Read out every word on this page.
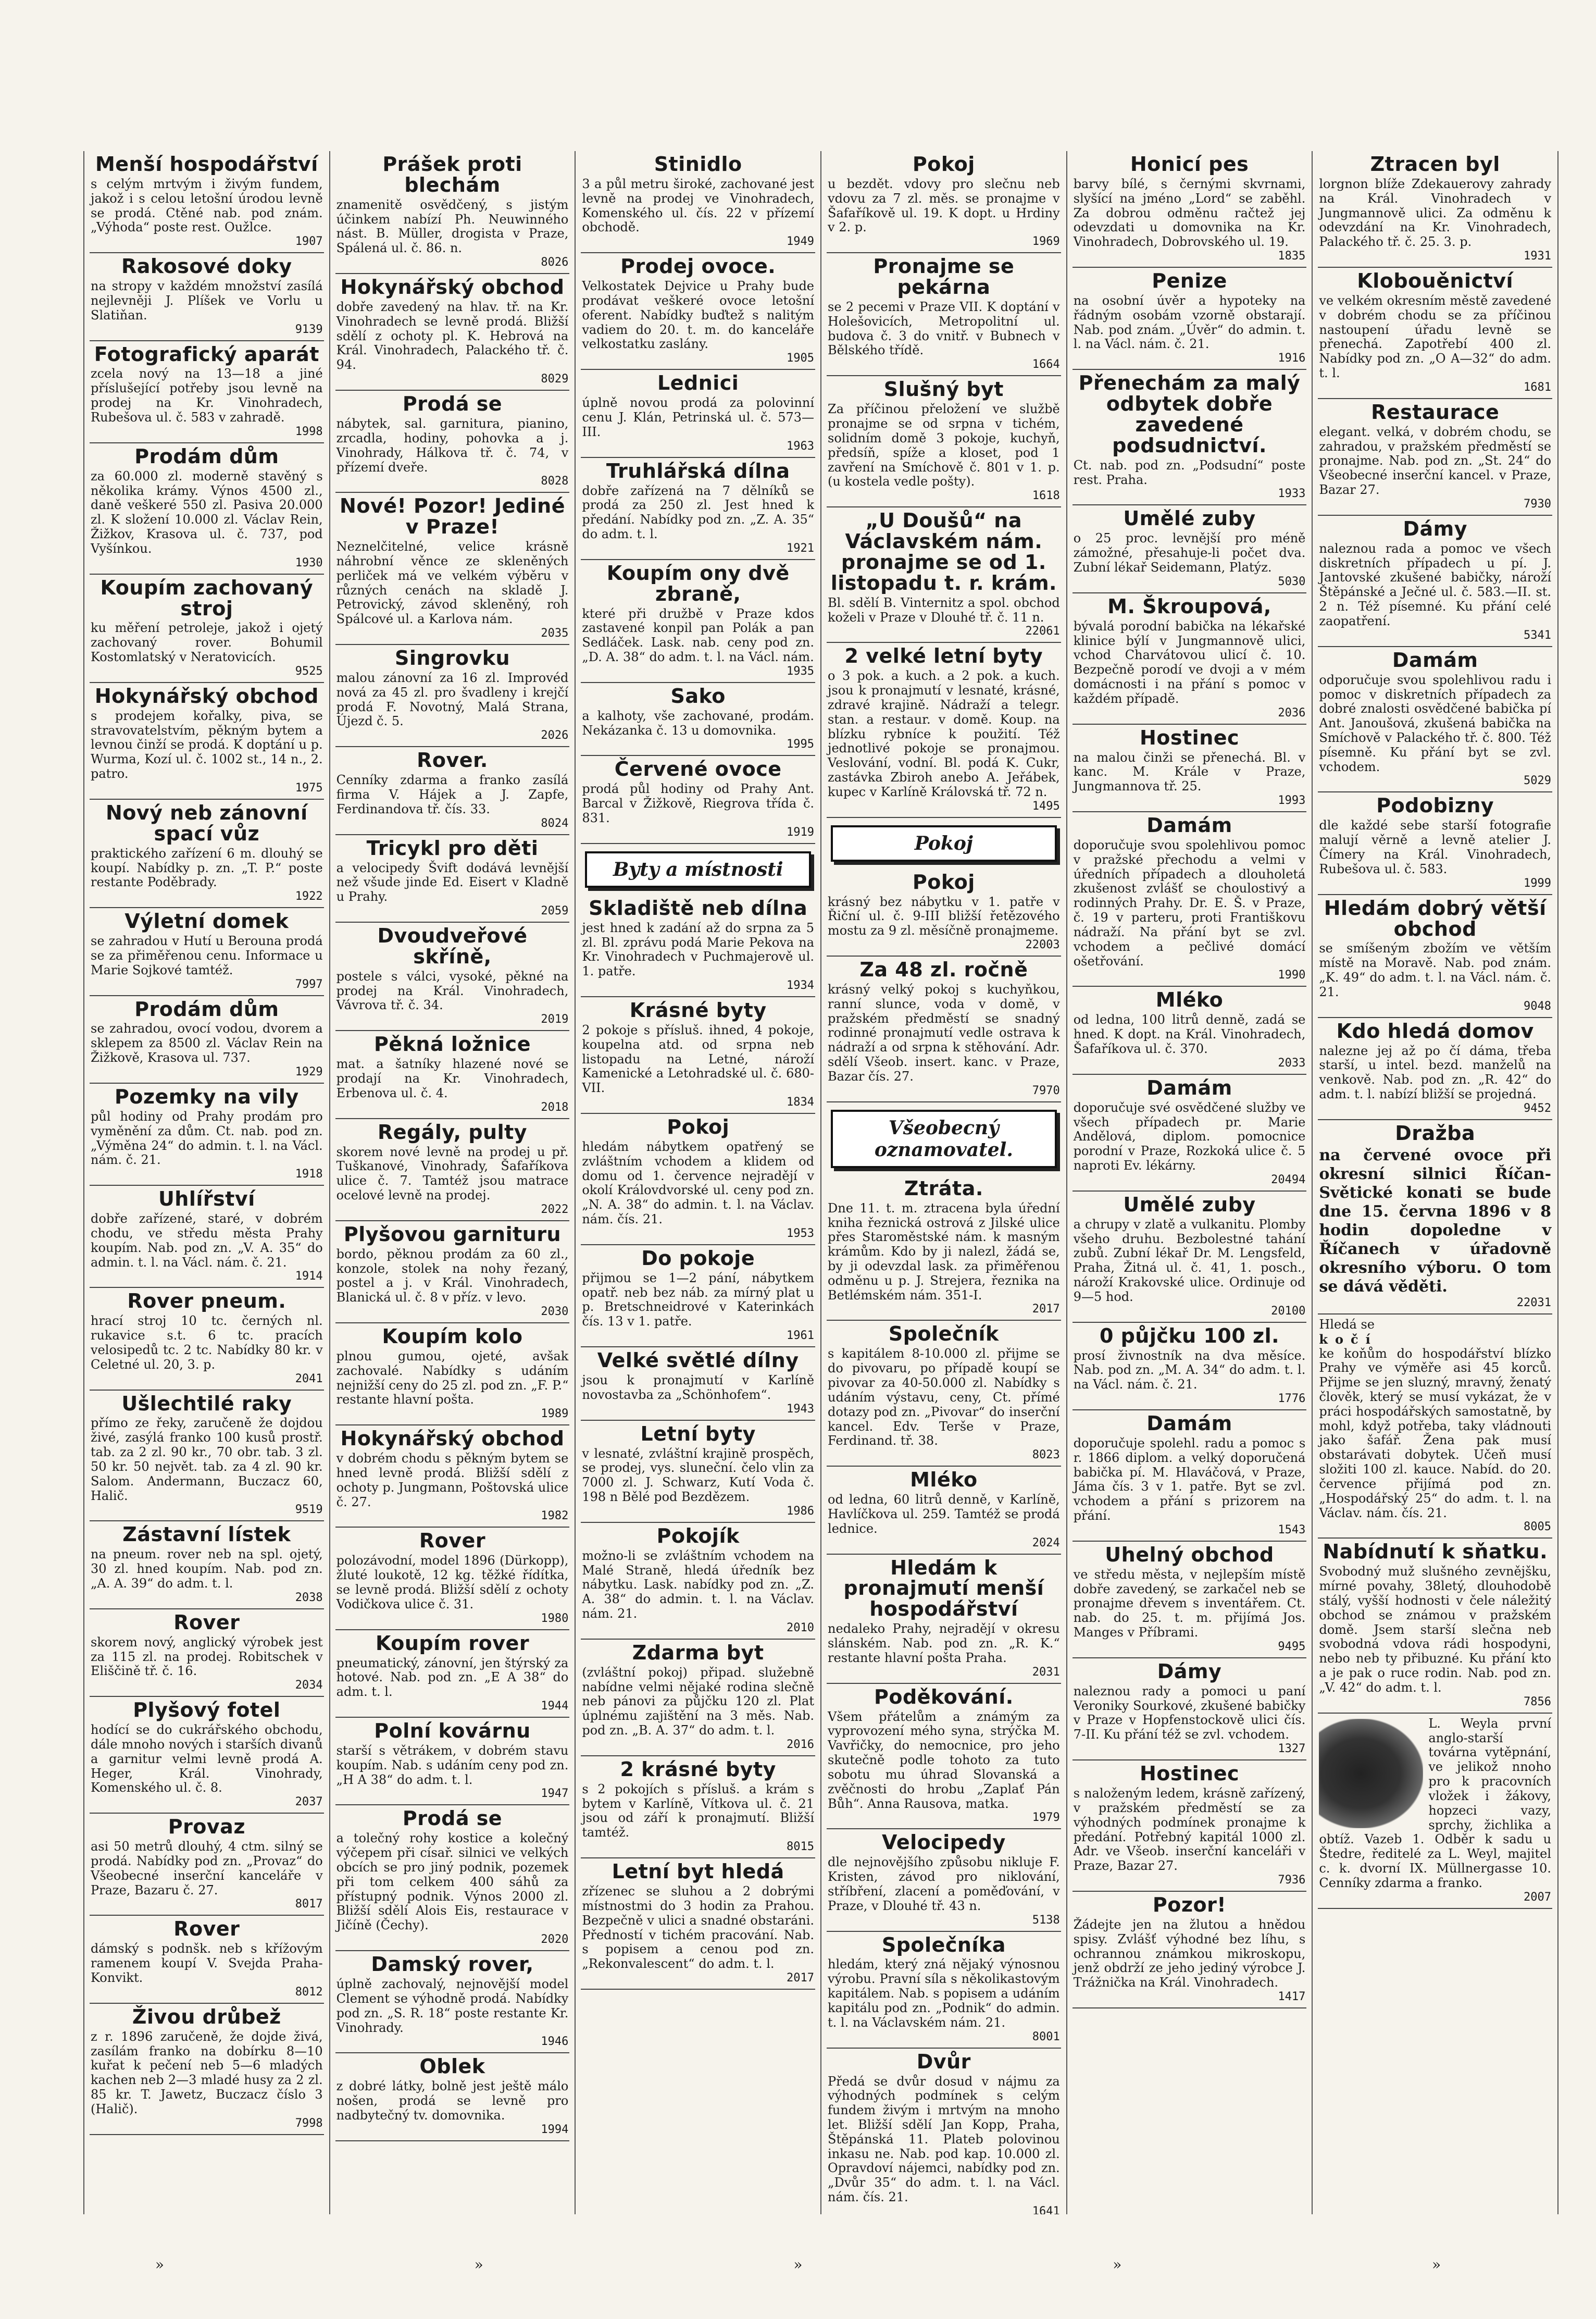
Menší hospodářství

s celým mrtvým i živým fundem, jakož i s celou letošní úrodou levně se prodá. Ctěné nab. pod znám. „Výhoda“ poste rest. Oužlce.

1907
Rakosové doky

na stropy v každém množství zasílá nejlevněji J. Plíšek ve Vorlu u Slatiňan.

9139
Fotografický aparát

zcela nový na 13—18 a jiné příslušející potřeby jsou levně na prodej na Kr. Vinohradech, Rubešova ul. č. 583 v zahradě.

1998
Prodám dům

za 60.000 zl. moderně stavěný s několika krámy. Výnos 4500 zl., daně veškeré 550 zl. Pasiva 20.000 zl. K složení 10.000 zl. Václav Rein, Žižkov, Krasova ul. č. 737, pod Vyšínkou.

1930
Koupím zachovaný stroj

ku měření petroleje, jakož i ojetý zachovaný rover. Bohumil Kostomlatský v Neratovicích.

9525
Hokynářský obchod

s prodejem kořalky, piva, se stravovatelstvím, pěkným bytem a levnou činží se prodá. K doptání u p. Wurma, Kozí ul. č. 1002 st., 14 n., 2. patro.

1975
Nový neb zánovní spací vůz

praktického zařízení 6 m. dlouhý se koupí. Nabídky p. zn. „T. P.“ poste restante Poděbrady.

1922
Výletní domek

se zahradou v Hutí u Berouna prodá se za přiměřenou cenu. Informace u Marie Sojkové tamtéž.

7997
Prodám dům

se zahradou, ovocí vodou, dvorem a sklepem za 8500 zl. Václav Rein na Žižkově, Krasova ul. 737.

1929
Pozemky na vily

půl hodiny od Prahy prodám pro vyměnění za dům. Ct. nab. pod zn. „Výměna 24“ do admin. t. l. na Václ. nám. č. 21.

1918
Uhlířství

dobře zařízené, staré, v dobrém chodu, ve středu města Prahy koupím. Nab. pod zn. „V. A. 35“ do admin. t. l. na Václ. nám. č. 21.

1914
Rover pneum.

hrací stroj 10 tc. černých nl. rukavice s.t. 6 tc. pracích velosipedů tc. 2 tc. Nabídky 80 kr. v Celetné ul. 20, 3. p.

2041
Ušlechtilé raky

přímo ze řeky, zaručeně že dojdou živé, zasýlá franko 100 kusů prostř. tab. za 2 zl. 90 kr., 70 obr. tab. 3 zl. 50 kr. 50 největ. tab. za 4 zl. 90 kr. Salom. Andermann, Buczacz 60, Halič.

9519
Zástavní lístek

na pneum. rover neb na spl. ojetý, 30 zl. hned koupím. Nab. pod zn. „A. A. 39“ do adm. t. l.

2038
Rover

skorem nový, anglický výrobek jest za 115 zl. na prodej. Robitschek v Eliščině tř. č. 16.

2034
Plyšový fotel

hodící se do cukrářského obchodu, dále mnoho nových i starších divanů a garnitur velmi levně prodá A. Heger, Král. Vinohrady, Komenského ul. č. 8.

2037
Provaz

asi 50 metrů dlouhý, 4 ctm. silný se prodá. Nabídky pod zn. „Provaz“ do Všeobecné inserční kanceláře v Praze, Bazaru č. 27.

8017
Rover

dámský s podnšk. neb s křížovým ramenem koupí V. Svejda Praha-Konvikt.

8012
Živou drůbež

z r. 1896 zaručeně, že dojde živá, zasílám franko na dobírku 8—10 kuřat k pečení neb 5—6 mladých kachen neb 2—3 mladé husy za 2 zl. 85 kr. T. Jawetz, Buczacz číslo 3 (Halič).

7998
Prášek proti blechám

znamenitě osvědčený, s jistým účinkem nabízí Ph. Neuwinného nást. B. Müller, drogista v Praze, Spálená ul. č. 86. n.

8026
Hokynářský obchod

dobře zavedený na hlav. tř. na Kr. Vinohradech se levně prodá. Bližší sdělí z ochoty pl. K. Hebrová na Král. Vinohradech, Palackého tř. č. 94.

8029
Prodá se

nábytek, sal. garnitura, pianino, zrcadla, hodiny, pohovka a j. Vinohrady, Hálkova tř. č. 74, v přízemí dveře.

8028
Nové! Pozor! Jediné v Praze!

Neznelčitelné, velice krásně náhrobní věnce ze skleněných perliček má ve velkém výběru v různých cenách na skladě J. Petrovický, závod skleněný, roh Spálcové ul. a Karlova nám.

2035
Singrovku

malou zánovní za 16 zl. Improvéd nová za 45 zl. pro švadleny i krejčí prodá F. Novotný, Malá Strana, Újezd č. 5.

2026
Rover.

Cenníky zdarma a franko zasílá firma V. Hájek a J. Zapfe, Ferdinandova tř. čís. 33.

8024
Tricykl pro děti

a velocipedy Švift dodává levnější než všude jinde Ed. Eisert v Kladně u Prahy.

2059
Dvoudveřové skříně,

postele s válci, vysoké, pěkné na prodej na Král. Vinohradech, Vávrova tř. č. 34.

2019
Pěkná ložnice

mat. a šatníky hlazené nové se prodají na Kr. Vinohradech, Erbenova ul. č. 4.

2018
Regály, pulty

skorem nové levně na prodej u př. Tuškanové, Vinohrady, Šafaříkova ulice č. 7. Tamtéž jsou matrace ocelové levně na prodej.

2022
Plyšovou garnituru

bordo, pěknou prodám za 60 zl., konzole, stolek na nohy řezaný, postel a j. v Král. Vinohradech, Blanická ul. č. 8 v příz. v levo.

2030
Koupím kolo

plnou gumou, ojeté, avšak zachovalé. Nabídky s udáním nejnižší ceny do 25 zl. pod zn. „F. P.“ restante hlavní pošta.

1989
Hokynářský obchod

v dobrém chodu s pěkným bytem se hned levně prodá. Bližší sdělí z ochoty p. Jungmann, Poštovská ulice č. 27.

1982
Rover

polozávodní, model 1896 (Dürkopp), žluté loukotě, 12 kg. těžké řídítka, se levně prodá. Bližší sdělí z ochoty Vodičkova ulice č. 31.

1980
Koupím rover

pneumatický, zánovní, jen štýrský za hotové. Nab. pod zn. „E A 38“ do adm. t. l.

1944
Polní kovárnu

starší s větrákem, v dobrém stavu koupím. Nab. s udáním ceny pod zn. „H A 38“ do adm. t. l.

1947
Prodá se

a tolečný rohy kostice a kolečný výčepem při císař. silnici ve velkých obcích se pro jiný podnik, pozemek při tom celkem 400 sáhů za přístupný podnik. Výnos 2000 zl. Bližší sdělí Alois Eis, restaurace v Jičíně (Čechy).

2020
Damský rover,

úplně zachovalý, nejnovější model Clement se výhodně prodá. Nabídky pod zn. „S. R. 18“ poste restante Kr. Vinohrady.

1946
Oblek

z dobré látky, bolně jest ještě málo nošen, prodá se levně pro nadbytečný tv. domovnika.

1994
Stinidlo

3 a půl metru široké, zachované jest levně na prodej ve Vinohradech, Komenského ul. čís. 22 v přízemí obchodě.

1949
Prodej ovoce.

Velkostatek Dejvice u Prahy bude prodávat veškeré ovoce letošní oferent. Nabídky buďtež s nalitým vadiem do 20. t. m. do kanceláře velkostatku zaslány.

1905
Lednici

úplně novou prodá za polovinní cenu J. Klán, Petrinská ul. č. 573—III.

1963
Truhlářská dílna

dobře zařízená na 7 dělníků se prodá za 250 zl. Jest hned k předání. Nabídky pod zn. „Z. A. 35“ do adm. t. l.

1921
Koupím ony dvě zbraně,

které při družbě v Praze kdos zastavené konpil pan Polák a pan Sedláček. Lask. nab. ceny pod zn. „D. A. 38“ do adm. t. l. na Václ. nám.

1935
Sako

a kalhoty, vše zachované, prodám. Nekázanka č. 13 u domovnika.

1995
Červené ovoce

prodá půl hodiny od Prahy Ant. Barcal v Žižkově, Riegrova třída č. 831.

1919
Byty a místnosti
Skladiště neb dílna

jest hned k zadání až do srpna za 5 zl. Bl. zprávu podá Marie Pekova na Kr. Vinohradech v Puchmajerově ul. 1. patře.

1934
Krásné byty

2 pokoje s přísluš. ihned, 4 pokoje, koupelna atd. od srpna neb listopadu na Letné, nároží Kamenické a Letohradské ul. č. 680-VII.

1834
Pokoj

hledám nábytkem opatřený se zvláštním vchodem a klidem od domu od 1. července nejradějí v okolí Královdvorské ul. ceny pod zn. „N. A. 38“ do admin. t. l. na Václav. nám. čís. 21.

1953
Do pokoje

přijmou se 1—2 pání, nábytkem opatř. neb bez náb. za mírný plat u p. Bretschneidrové v Katerinkách čís. 13 v 1. patře.

1961
Velké světlé dílny

jsou k pronajmutí v Karlíně novostavba za „Schönhofem“.

1943
Letní byty

v lesnaté, zvláštní krajině prospěch, se prodej, vys. sluneční. čelo vlin za 7000 zl. J. Schwarz, Kutí Voda č. 198 n Bělé pod Bezdězem.

1986
Pokojík

možno-li se zvláštním vchodem na Malé Straně, hledá úředník bez nábytku. Lask. nabídky pod zn. „Z. A. 38“ do admin. t. l. na Václav. nám. 21.

2010
Zdarma byt

(zvláštní pokoj) připad. služebně nabídne velmi nějaké rodina slečně neb pánovi za půjčku 120 zl. Plat úplnému zajištění na 3 měs. Nab. pod zn. „B. A. 37“ do adm. t. l.

2016
2 krásné byty

s 2 pokojích s přísluš. a krám s bytem v Karlíně, Vítkova ul. č. 21 jsou od září k pronajmutí. Bližší tamtéž.

8015
Letní byt hledá

zřízenec se sluhou a 2 dobrými místnostmi do 3 hodin za Prahou. Bezpečně v ulici a snadné obstaráni. Předností v tichém pracování. Nab. s popisem a cenou pod zn. „Rekonvalescent“ do adm. t. l.

2017
Pokoj

u bezdět. vdovy pro slečnu neb vdovu za 7 zl. měs. se pronajme v Šafaříkově ul. 19. K dopt. u Hrdiny v 2. p.

1969
Pronajme se pekárna

se 2 pecemi v Praze VII. K doptání v Holešovicích, Metropolitní ul. budova č. 3 do vnitř. v Bubnech v Bělského třídě.

1664
Slušný byt

Za příčinou přeložení ve službě pronajme se od srpna v tichém, solidním domě 3 pokoje, kuchyň, předsíň, spíže a kloset, pod 1 zavření na Smíchově č. 801 v 1. p. (u kostela vedle pošty).

1618
„U Doušů“ na Václavském nám. pronajme se od 1. listopadu t. r. krám.

Bl. sdělí B. Vinternitz a spol. obchod koželi v Praze v Dlouhé tř. č. 11 n.

22061
2 velké letní byty

o 3 pok. a kuch. a 2 pok. a kuch. jsou k pronajmutí v lesnaté, krásné, zdravé krajině. Nádraží a telegr. stan. a restaur. v domě. Koup. na blízku rybníce k použití. Též jednotlivé pokoje se pronajmou. Veslování, vodní. Bl. podá K. Cukr, zastávka Zbiroh anebo A. Jeřábek, kupec v Karlíně Královská tř. 72 n.

1495
Pokoj
Pokoj

krásný bez nábytku v 1. patře v Řiční ul. č. 9-III bližší řetězového mostu za 9 zl. měsíčně pronajmeme.

22003
Za 48 zl. ročně

krásný velký pokoj s kuchyňkou, ranní slunce, voda v domě, v pražském předměstí se snadný rodinné pronajmutí vedle ostrava k nádraží a od srpna k stěhování. Adr. sdělí Všeob. insert. kanc. v Praze, Bazar čís. 27.

7970
Všeobecný oznamovatel.
Ztráta.

Dne 11. t. m. ztracena byla úřední kniha řeznická ostrová z Jilské ulice přes Staroměstské nám. k masným krámům. Kdo by ji nalezl, žádá se, by ji odevzdal lask. za přiměřenou odměnu u p. J. Strejera, řeznika na Betlémském nám. 351-I.

2017
Společník

s kapitálem 8-10.000 zl. přijme se do pivovaru, po případě koupí se pivovar za 40-50.000 zl. Nabídky s udáním výstavu, ceny, Ct. přímé dotazy pod zn. „Pivovar“ do inserční kancel. Edv. Terše v Praze, Ferdinand. tř. 38.

8023
Mléko

od ledna, 60 litrů denně, v Karlíně, Havlíčkova ul. 259. Tamtéž se prodá lednice.

2024
Hledám k pronajmutí menší hospodářství

nedaleko Prahy, nejradějí v okresu slánském. Nab. pod zn. „R. K.“ restante hlavní pošta Praha.

2031
Poděkování.

Všem přátelům a známým za vyprovození mého syna, strýčka M. Vavřičky, do nemocnice, pro jeho skutečně podle tohoto za tuto sobotu mu úhrad Slovanská a zvěčnosti do hrobu „Zaplať Pán Bůh“. Anna Rausova, matka.

1979
Velocipedy

dle nejnovějšího způsobu nikluje F. Kristen, závod pro niklování, stříbření, zlacení a poměďování, v Praze, v Dlouhé tř. 43 n.

5138
Společníka

hledám, který zná nějaký výnosnou výrobu. Pravní síla s několikastovým kapitálem. Nab. s popisem a udáním kapitálu pod zn. „Podnik“ do admin. t. l. na Václavském nám. 21.

8001
Dvůr

Předá se dvůr dosud v nájmu za výhodných podmínek s celým fundem živým i mrtvým na mnoho let. Bližší sdělí Jan Kopp, Praha, Štěpánská 11. Plateb polovinou inkasu ne. Nab. pod kap. 10.000 zl. Opravdoví nájemci, nabídky pod zn. „Dvůr 35“ do adm. t. l. na Václ. nám. čís. 21.

1641
Honicí pes

barvy bílé, s černými skvrnami, slyšící na jméno „Lord“ se zaběhl. Za dobrou odměnu račtež jej odevzdati u domovnika na Kr. Vinohradech, Dobrovského ul. 19.

1835
Penize

na osobní úvěr a hypoteky na řádným osobám vzorně obstarají. Nab. pod znám. „Úvěr“ do admin. t. l. na Václ. nám. č. 21.

1916
Přenechám za malý odbytek dobře zavedené podsudnictví.

Ct. nab. pod zn. „Podsudní“ poste rest. Praha.

1933
Umělé zuby

o 25 proc. levnější pro méně zámožné, přesahuje-li počet dva. Zubní lékař Seidemann, Platýz.

5030
M. Škroupová,

bývalá porodní babička na lékařské klinice býlí v Jungmannově ulici, vchod Charvátovou ulicí č. 10. Bezpečně porodí ve dvoji a v mém domácnosti i na přání s pomoc v každém případě.

2036
Hostinec

na malou činži se přenechá. Bl. v kanc. M. Krále v Praze, Jungmannova tř. 25.

1993
Damám

doporučuje svou spolehlivou pomoc v pražské přechodu a velmi v úředních případech a dlouholetá zkušenost zvlášť se choulostivý a rodinných Prahy. Dr. E. Š. v Praze, č. 19 v parteru, proti Františkovu nádraží. Na přání byt se zvl. vchodem a pečlivé domácí ošetřování.

1990
Mléko

od ledna, 100 litrů denně, zadá se hned. K dopt. na Král. Vinohradech, Šafaříkova ul. č. 370.

2033
Damám

doporučuje své osvědčené služby ve všech případech pr. Marie Andělová, diplom. pomocnice porodní v Praze, Rozkoká ulice č. 5 naproti Ev. lékárny.

20494
Umělé zuby

a chrupy v zlatě a vulkanitu. Plomby všeho druhu. Bezbolestné tahání zubů. Zubní lékař Dr. M. Lengsfeld, Praha, Žitná ul. č. 41, 1. posch., nároží Krakovské ulice. Ordinuje od 9—5 hod.

20100
0 půjčku 100 zl.

prosí živnostník na dva měsíce. Nab. pod zn. „M. A. 34“ do adm. t. l. na Václ. nám. č. 21.

1776
Damám

doporučuje spolehl. radu a pomoc s r. 1866 diplom. a velký doporučená babička pí. M. Hlaváčová, v Praze, Jáma čís. 3 v 1. patře. Byt se zvl. vchodem a přání s prizorem na přání.

1543
Uhelný obchod

ve středu města, v nejlepším místě dobře zavedený, se zarkačel neb se pronajme dřevem s inventářem. Ct. nab. do 25. t. m. přijímá Jos. Manges v Příbrami.

9495
Dámy

naleznou rady a pomoci u paní Veroniky Sourkové, zkušené babičky v Praze v Hopfenstockově ulici čís. 7-II. Ku přání též se zvl. vchodem.

1327
Hostinec

s naloženým ledem, krásně zařízený, v pražském předměstí se za výhodných podmínek pronajme k předání. Potřebný kapitál 1000 zl. Adr. ve Všeob. inserční kanceláři v Praze, Bazar 27.

7936
Pozor!

Žádejte jen na žlutou a hnědou spisy. Zvlášť výhodné bez líhu, s ochrannou známkou mikroskopu, jenž obdrží ze jeho jediný výrobce J. Trážnička na Král. Vinohradech.

1417
Ztracen byl

lorgnon blíže Zdekauerovy zahrady na Král. Vinohradech v Jungmannově ulici. Za odměnu k odevzdání na Kr. Vinohradech, Palackého tř. č. 25. 3. p.

1931
Klobouěnictví

ve velkém okresním městě zavedené v dobrém chodu se za příčinou nastoupení úřadu levně se přenechá. Zapotřebí 400 zl. Nabídky pod zn. „O A—32“ do adm. t. l.

1681
Restaurace

elegant. velká, v dobrém chodu, se zahradou, v pražském předměstí se pronajme. Nab. pod zn. „St. 24“ do Všeobecné inserční kancel. v Praze, Bazar 27.

7930
Dámy

naleznou rada a pomoc ve všech diskretních případech u pí. J. Jantovské zkušené babičky, nároží Štěpánské a Ječné ul. č. 583.—II. st. 2 n. Též písemné. Ku přání celé zaopatření.

5341
Damám

odporučuje svou spolehlivou radu i pomoc v diskretních případech za dobré znalosti osvědčené babička pí Ant. Janoušová, zkušená babička na Smíchově v Palackého tř. č. 800. Též písemně. Ku přání byt se zvl. vchodem.

5029
Podobizny

dle každé sebe starší fotografie malují věrně a levně atelier J. Čímery na Král. Vinohradech, Rubešova ul. č. 583.

1999
Hledám dobrý větší obchod

se smíšeným zbožím ve větším místě na Moravě. Nab. pod znám. „K. 49“ do adm. t. l. na Václ. nám. č. 21.

9048
Kdo hledá domov

nalezne jej až po čí dáma, třeba starší, u intel. bezd. manželů na venkově. Nab. pod zn. „R. 42“ do adm. t. l. nabízí bližší se projedná.

9452
Dražba

na červené ovoce při okresní silnici Říčan-Světické konati se bude dne 15. června 1896 v 8 hodin dopoledne v Říčanech v úřadovně okresního výboru. O tom se dává věděti.

22031

Hledá se

kočí

ke koňům do hospodářství blízko Prahy ve výměře asi 45 korců. Přijme se jen sluzný, mravný, ženatý člověk, který se musí vykázat, že v práci hospodářských samostatně, by mohl, když potřeba, taky vládnouti jako šafář. Žena pak musí obstarávati dobytek. Učeň musí složiti 100 zl. kauce. Nabíd. do 20. července přijímá pod zn. „Hospodářský 25“ do adm. t. l. na Václav. nám. čís. 21.

8005
Nabídnutí k sňatku.

Svobodný muž slušného zevnějšku, mírné povahy, 38letý, dlouhodobě stálý, vyšší hodnosti v čele náležitý obchod se známou v pražském domě. Jsem starší slečna neb svobodná vdova rádi hospodyni, nebo neb ty přibuzné. Ku přání kto a je pak o ruce rodin. Nab. pod zn. „V. 42“ do adm. t. l.

7856

L. Weyla první anglo-starší továrna vytěpnání, ve jelikož nnoho pro k pracovních vložek i žákovy, hopzeci vazy, sprchy, žichlika a obtíž. Vazeb 1. Odběr k sadu u Štedre, ředitelé za L. Weyl, majitel c. k. dvorní IX. Müllnergasse 10. Cenníky zdarma a franko.

2007
»	»	»	»	»
